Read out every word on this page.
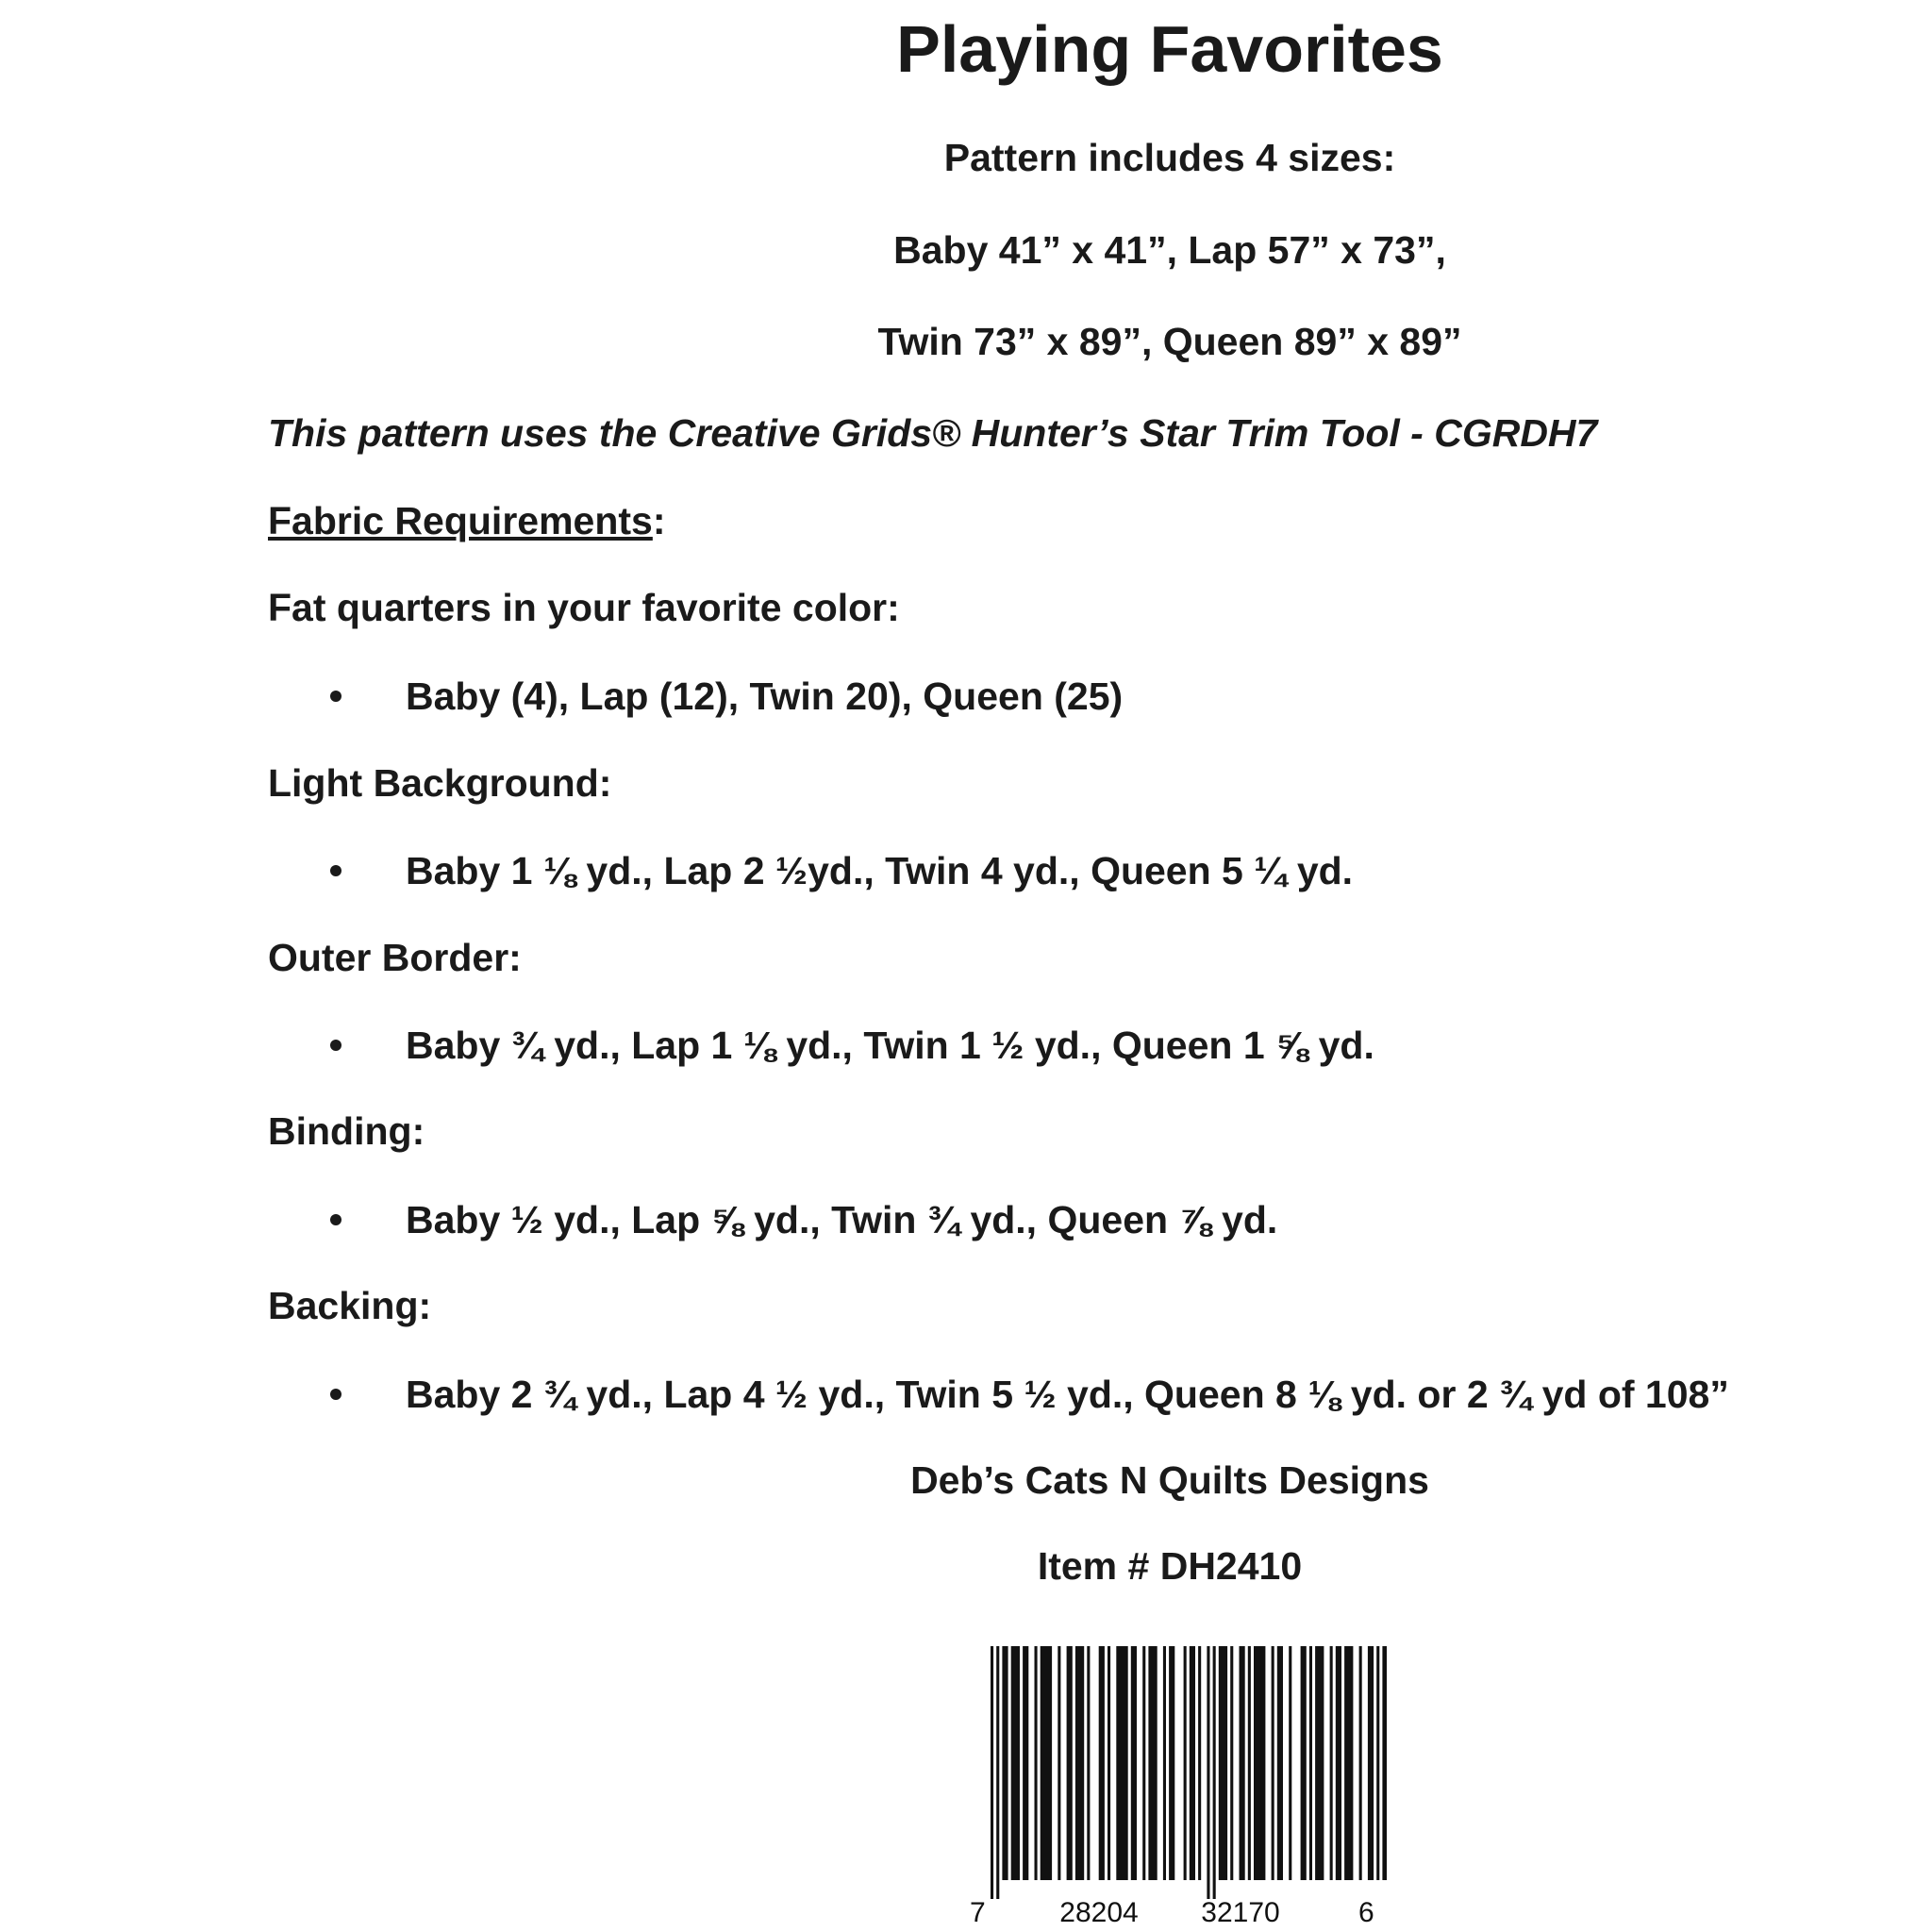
Playing Favorites
Pattern includes 4 sizes:
Baby 41” x 41”, Lap 57” x 73”,
Twin 73” x 89”, Queen 89” x 89”
This pattern uses the Creative Grids® Hunter’s Star Trim Tool - CGRDH7
Fabric Requirements:
Fat quarters in your favorite color:
Baby (4), Lap (12), Twin 20), Queen (25)
Light Background:
Baby 1 ⅛ yd., Lap 2 ½yd., Twin 4 yd., Queen 5 ¼ yd.
Outer Border:
Baby ¾ yd., Lap 1 ⅛ yd., Twin 1 ½ yd., Queen 1 ⅝ yd.
Binding:
Baby ½ yd., Lap ⅝ yd., Twin ¾ yd., Queen ⅞ yd.
Backing:
Baby 2 ¾ yd., Lap 4 ½ yd., Twin 5 ½ yd., Queen 8 ⅛ yd. or 2 ¾ yd of 108”
Deb’s Cats N Quilts Designs
Item # DH2410
7	28204 32170	6
